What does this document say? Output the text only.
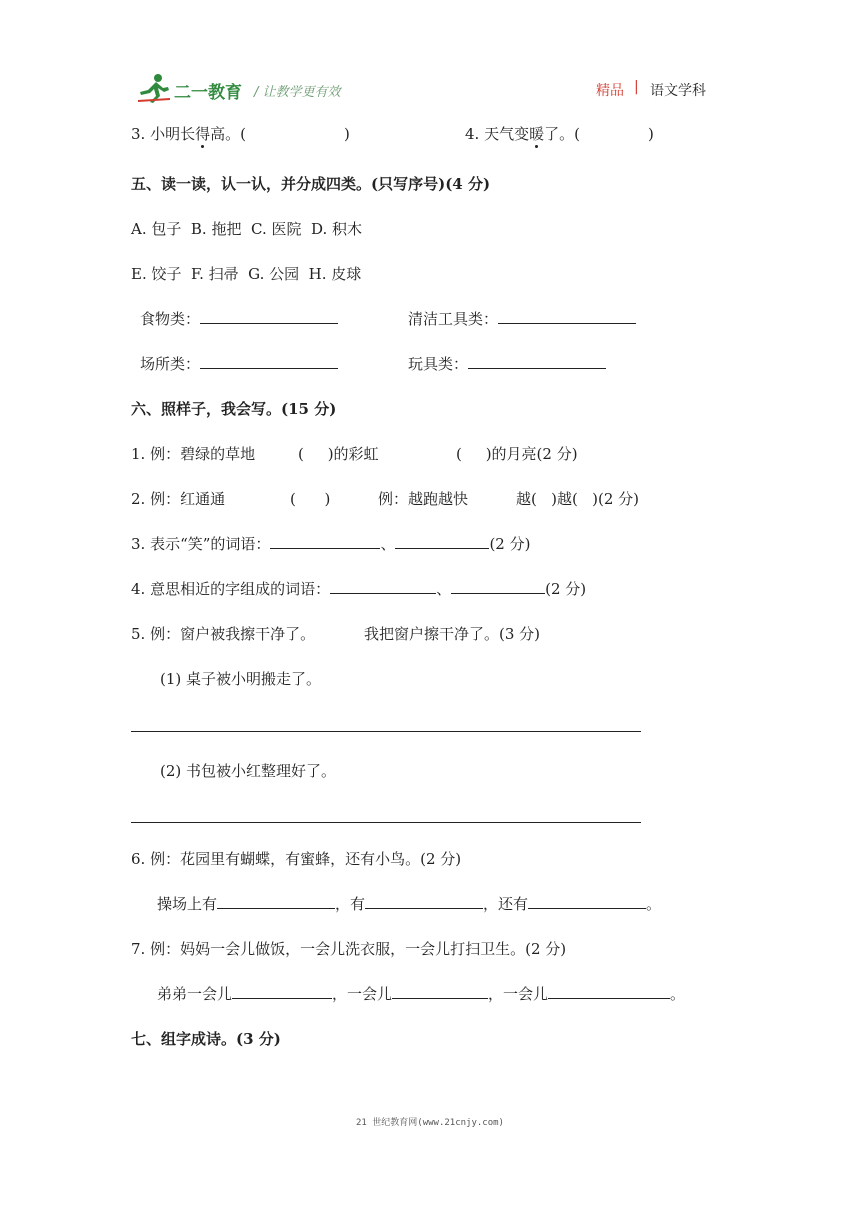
二一教育 / 让教学更有效	精品 | 语文学科
3. 小明长得高。(	)	4. 天气变暖了。(	)
五、读一读，认一认，并分成四类。(只写序号)(4 分)
A. 包子  B. 拖把  C. 医院  D. 积木
E. 饺子  F. 扫帚  G. 公园  H. 皮球
食物类：	清洁工具类：
场所类：	玩具类：
六、照样子，我会写。(15 分)
1. 例：碧绿的草地	(     )的彩虹	(     )的月亮(2 分)
2. 例：红通通	(      )	例：越跑越快	越(   )越(   )(2 分)
3. 表示“笑”的词语：	、	(2 分)
4. 意思相近的字组成的词语：	、	(2 分)
5. 例：窗户被我擦干净了。	我把窗户擦干净了。(3 分)
(1) 桌子被小明搬走了。
(2) 书包被小红整理好了。
6. 例：花园里有蝴蝶，有蜜蜂，还有小鸟。(2 分)
操场上有	，有	，还有	。
7. 例：妈妈一会儿做饭，一会儿洗衣服，一会儿打扫卫生。(2 分)
弟弟一会儿	，一会儿	，一会儿	。
七、组字成诗。(3 分)
21 世纪教育网(www.21cnjy.com)
